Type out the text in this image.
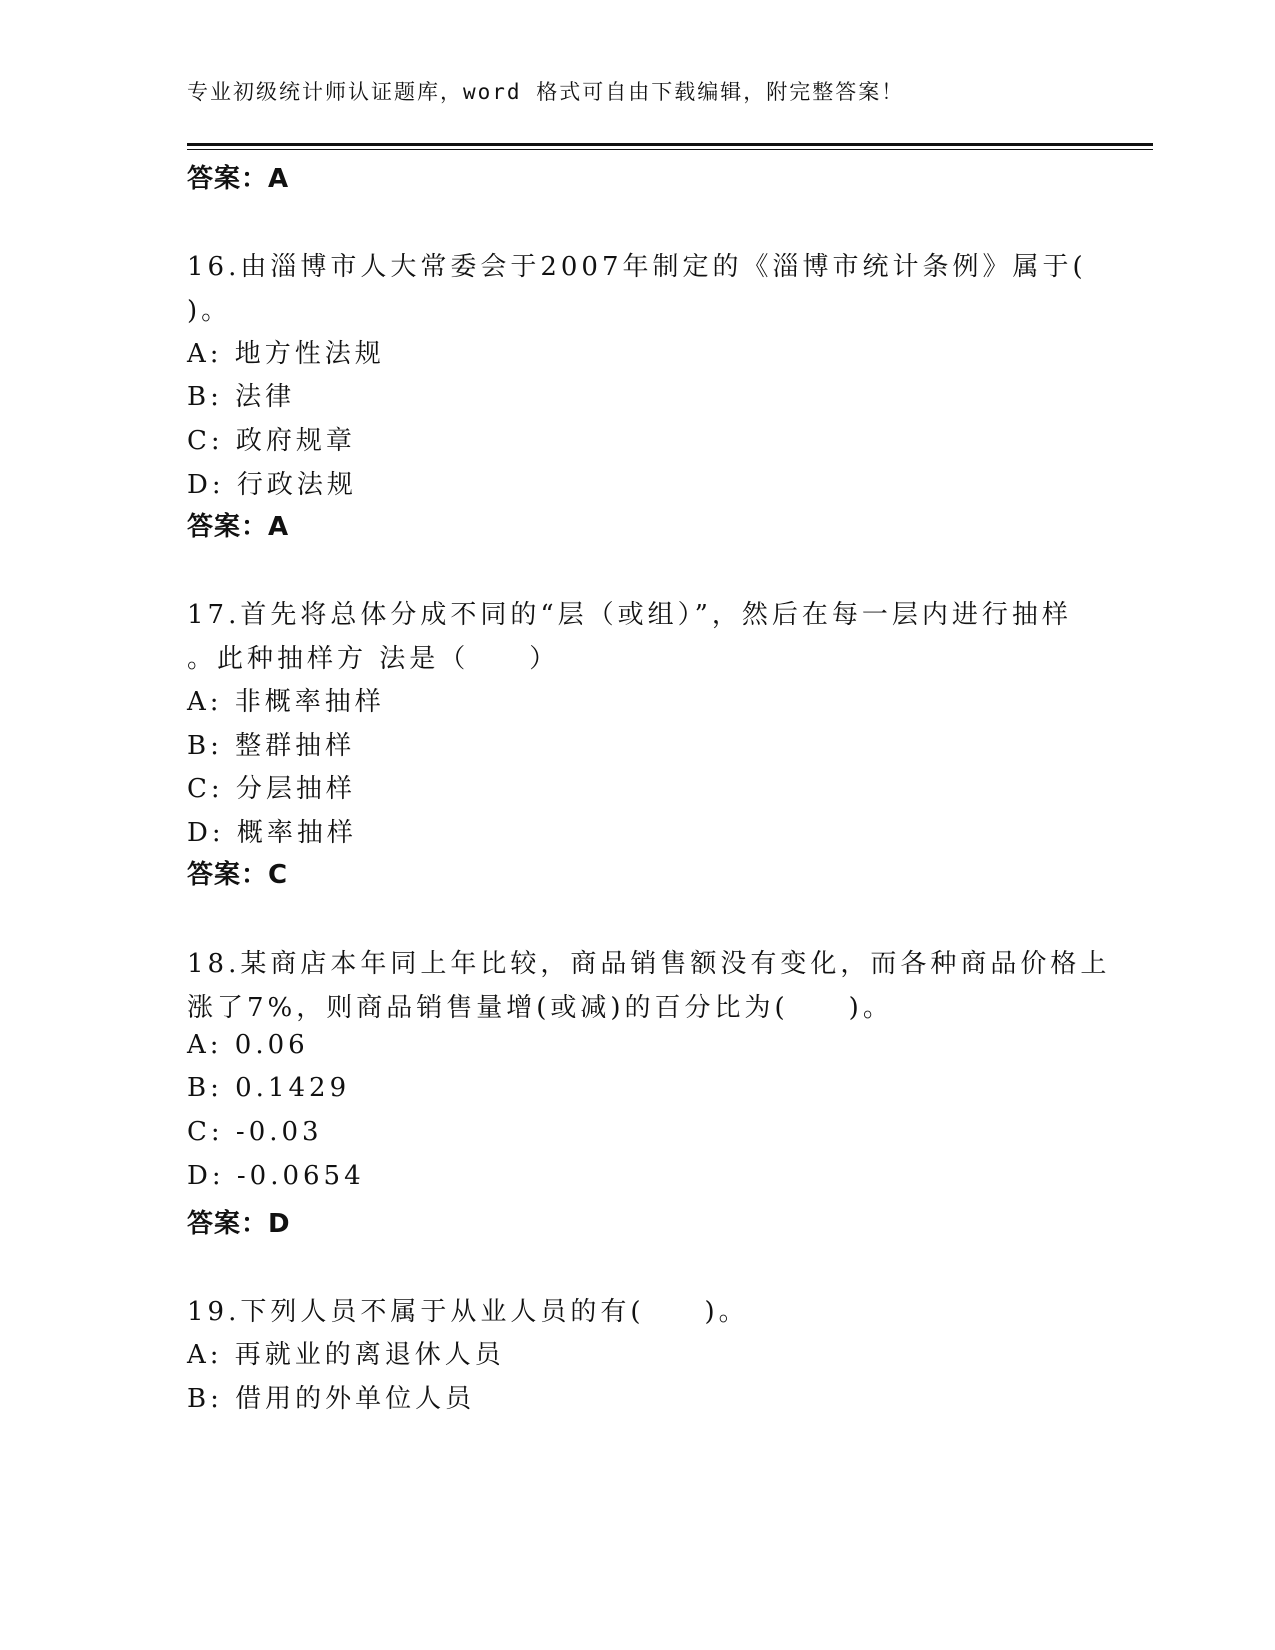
专业初级统计师认证题库，word 格式可自由下载编辑，附完整答案！
答案：A
16.由淄博市人大常委会于2007年制定的《淄博市统计条例》属于(
)。
A: 地方性法规
B: 法律
C: 政府规章
D: 行政法规
答案：A
17.首先将总体分成不同的“层（或组）”，然后在每一层内进行抽样
。此种抽样方 法是（　　）
A: 非概率抽样
B: 整群抽样
C: 分层抽样
D: 概率抽样
答案：C
18.某商店本年同上年比较，商品销售额没有变化，而各种商品价格上
涨了7%，则商品销售量增(或减)的百分比为(　　)。
A: 0.06
B: 0.1429
C: -0.03
D: -0.0654
答案：D
19.下列人员不属于从业人员的有(　　)。
A: 再就业的离退休人员
B: 借用的外单位人员
